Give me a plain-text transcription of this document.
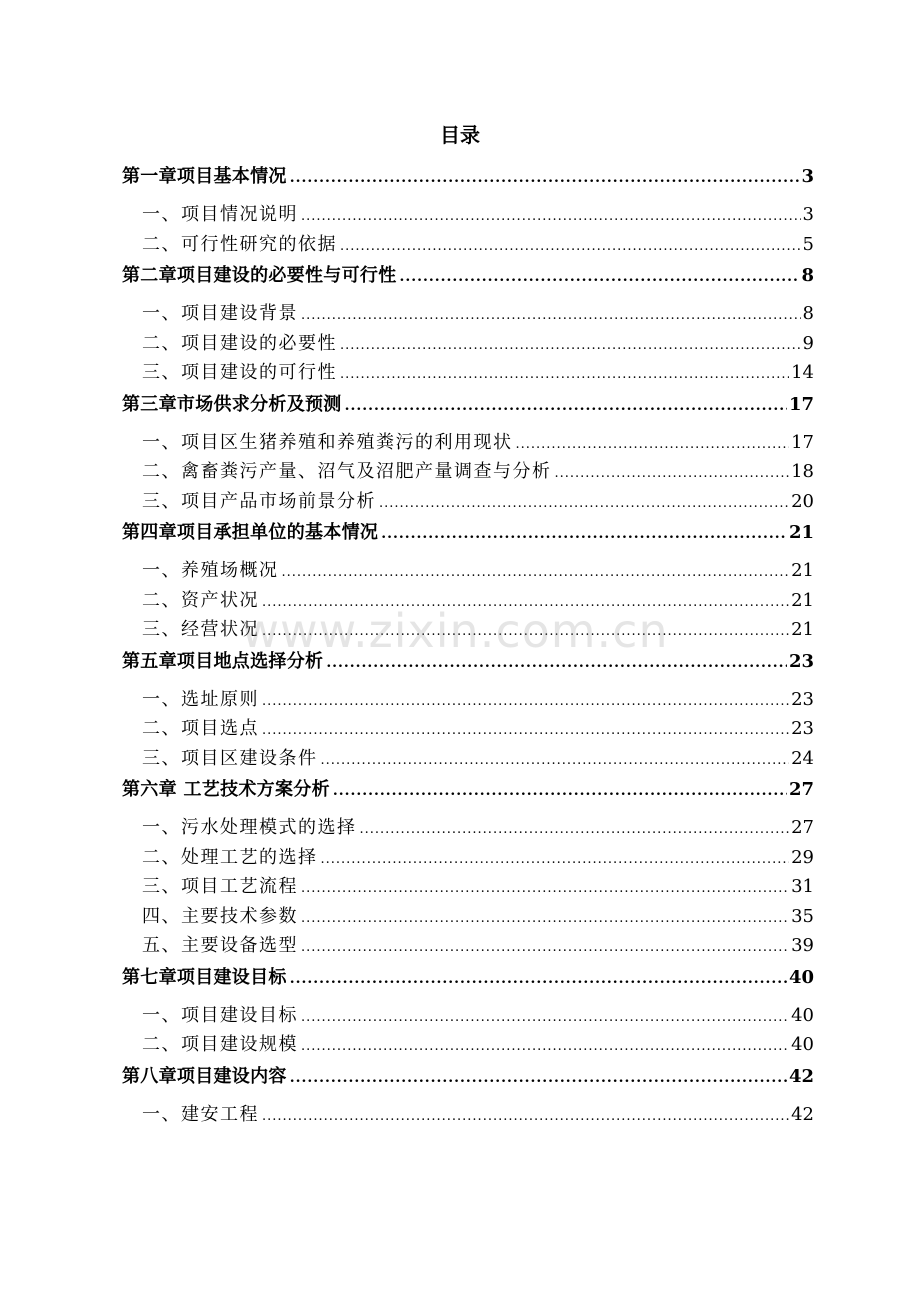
目录
第一章项目基本情况 .....	3
一、项目情况说明 .....	3
二、可行性研究的依据 .....	5
第二章项目建设的必要性与可行性 .....	8
一、项目建设背景 .....	8
二、项目建设的必要性 .....	9
三、项目建设的可行性 .....	14
第三章市场供求分析及预测 .....	17
一、项目区生猪养殖和养殖粪污的利用现状 .....	17
二、禽畜粪污产量、沼气及沼肥产量调查与分析 .....	18
三、项目产品市场前景分析 .....	20
第四章项目承担单位的基本情况 .....	21
一、养殖场概况 .....	21
二、资产状况 .....	21
三、经营状况 .....	21
第五章项目地点选择分析 .....	23
一、选址原则 .....	23
二、项目选点 .....	23
三、项目区建设条件 .....	24
第六章 工艺技术方案分析 .....	27
一、污水处理模式的选择 .....	27
二、处理工艺的选择 .....	29
三、项目工艺流程 .....	31
四、主要技术参数 .....	35
五、主要设备选型 .....	39
第七章项目建设目标 .....	40
一、项目建设目标 .....	40
二、项目建设规模 .....	40
第八章项目建设内容 .....	42
一、建安工程 .....	42
www.zixin.com.cn
